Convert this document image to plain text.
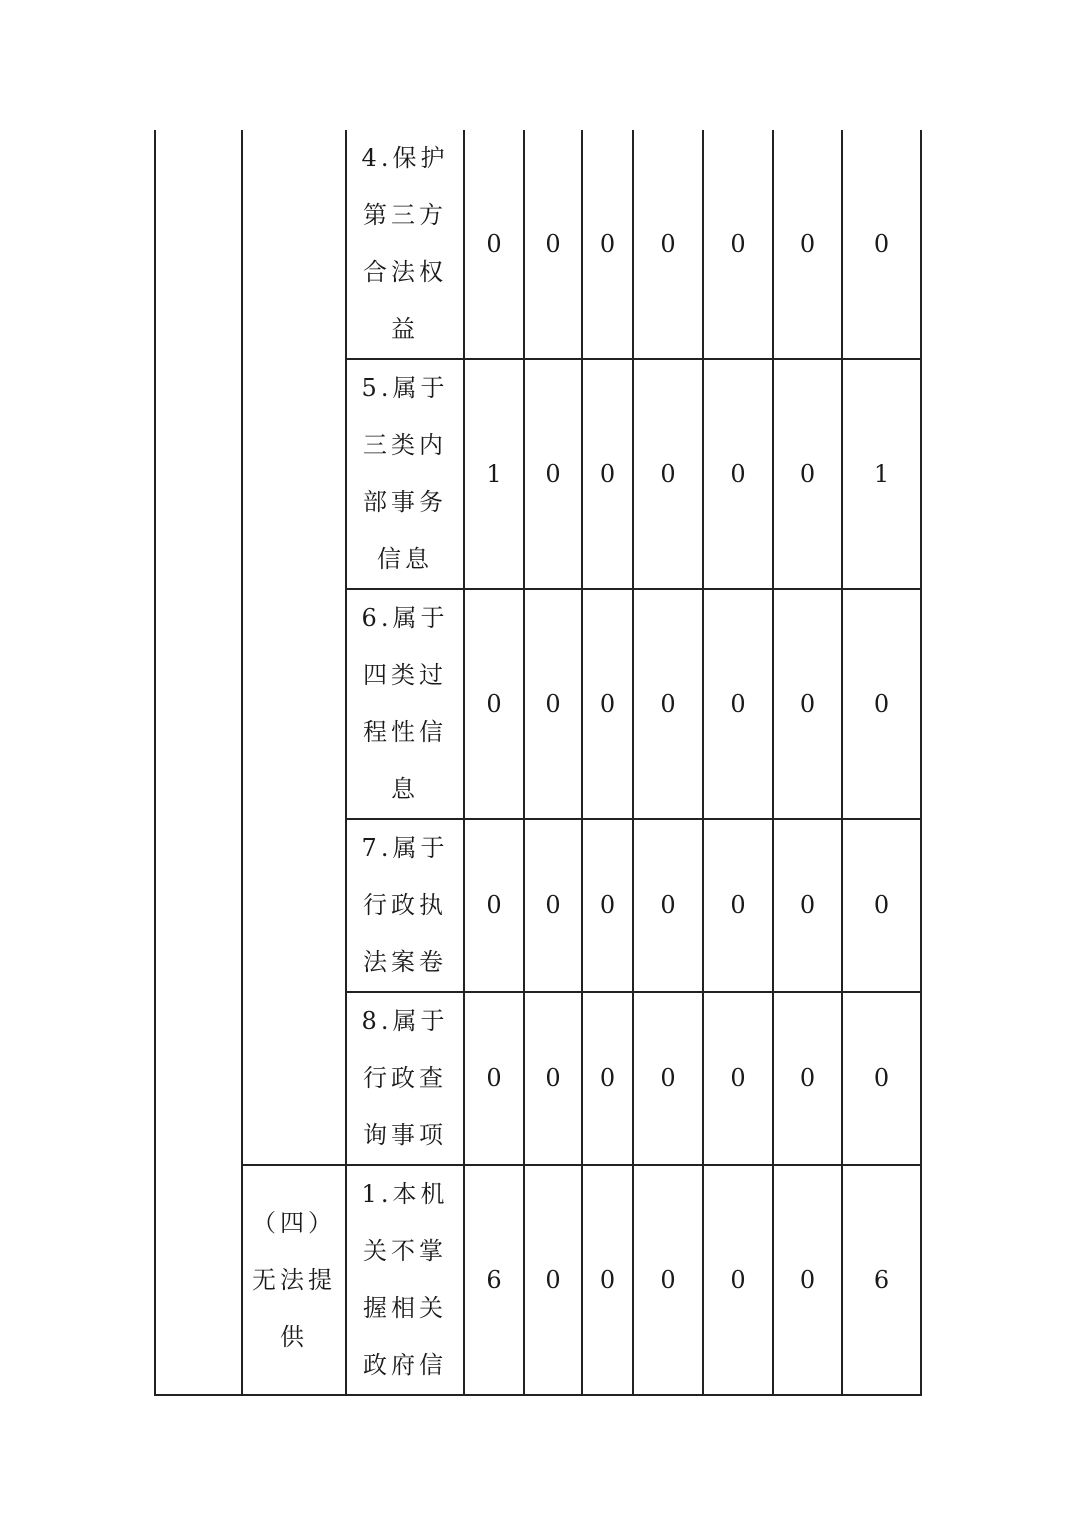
		4.保护
第三方
合法权
益	0	0	0	0	0	0	0
		5.属于
三类内
部事务
信息	1	0	0	0	0	0	1
		6.属于
四类过
程性信
息	0	0	0	0	0	0	0
		7.属于
行政执
法案卷	0	0	0	0	0	0	0
		8.属于
行政查
询事项	0	0	0	0	0	0	0
	（四）
无法提
供	1.本机
关不掌
握相关
政府信	6	0	0	0	0	0	6
